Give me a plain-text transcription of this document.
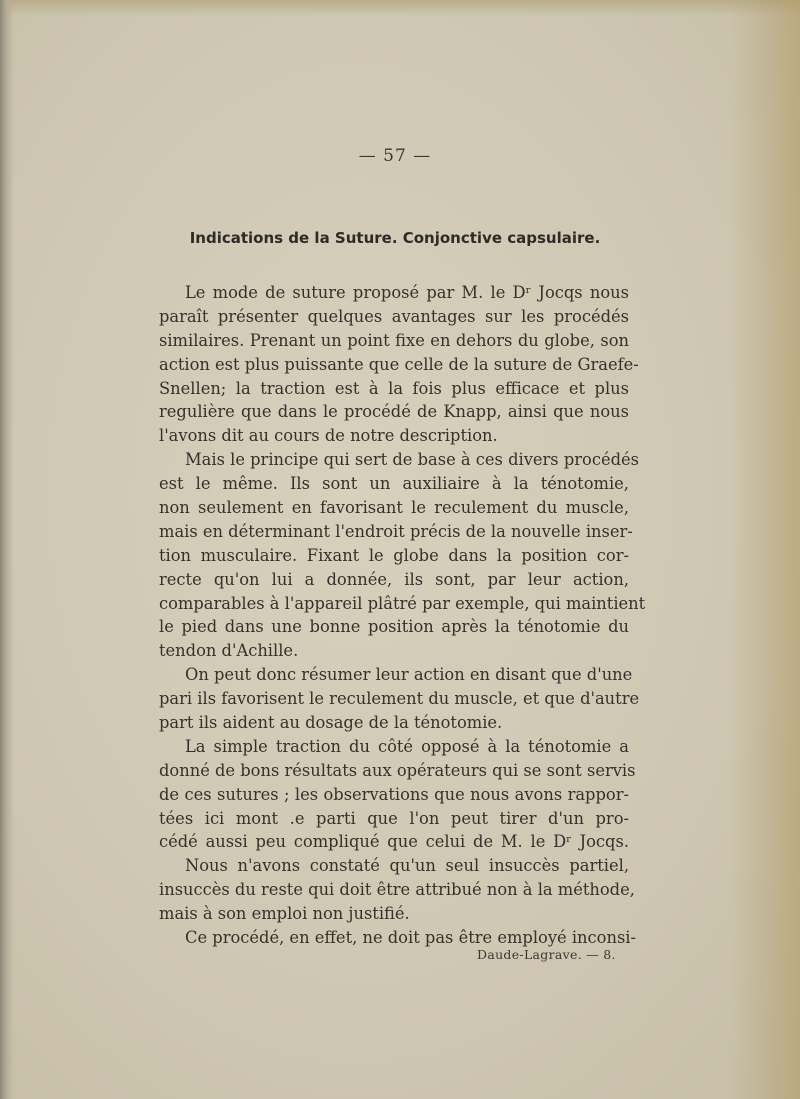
— 57 —
Indications de la Suture. Conjonctive capsulaire.
Le mode de suture proposé par M. le Dʳ Jocqs nous
paraît présenter quelques avantages sur les procédés
similaires. Prenant un point fixe en dehors du globe, son
action est plus puissante que celle de la suture de Graefe-
Snellen; la traction est à la fois plus efficace et plus
regulière que dans le procédé de Knapp, ainsi que nous
l'avons dit au cours de notre description.
Mais le principe qui sert de base à ces divers procédés
est le même. Ils sont un auxiliaire à la ténotomie,
non seulement en favorisant le reculement du muscle,
mais en déterminant l'endroit précis de la nouvelle inser-
tion musculaire. Fixant le globe dans la position cor-
recte qu'on lui a donnée, ils sont, par leur action,
comparables à l'appareil plâtré par exemple, qui maintient
le pied dans une bonne position après la ténotomie du
tendon d'Achille.
On peut donc résumer leur action en disant que d'une
pari ils favorisent le reculement du muscle, et que d'autre
part ils aident au dosage de la ténotomie.
La simple traction du côté opposé à la ténotomie a
donné de bons résultats aux opérateurs qui se sont servis
de ces sutures ; les observations que nous avons rappor-
tées ici mont .e parti que l'on peut tirer d'un pro-
cédé aussi peu compliqué que celui de M. le Dʳ Jocqs.
Nous n'avons constaté qu'un seul insuccès partiel,
insuccès du reste qui doit être attribué non à la méthode,
mais à son emploi non justifié.
Ce procédé, en effet, ne doit pas être employé inconsi-
Daude-Lagrave. — 8.
